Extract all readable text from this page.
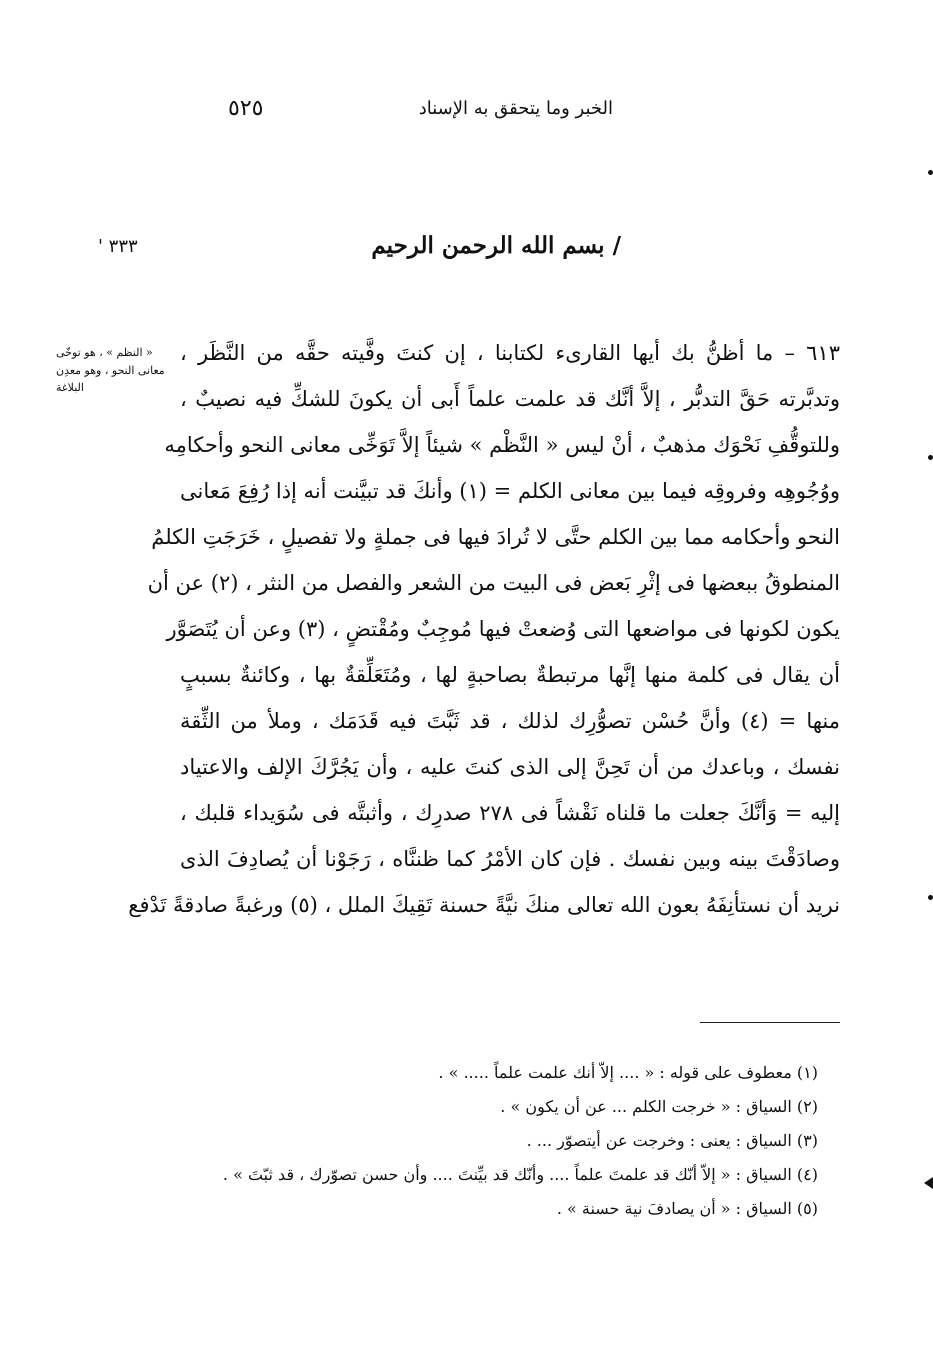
الخبر وما يتحقق به الإسناد
٥٢٥
/ بسم الله الرحمن الرحيم
٣٣٣ '
« النظم » ، هو توخّى معانى النحو ، وهو معدِن البلاغة
٦١٣ – ما أظنُّ بك أيها القارىء لكتابنا ، إن كنتَ وفَّيته حقَّه من النَّظَر ،
وتدبَّرته حَقَّ التدبُّر ، إلاَّ أنَّك قد علمت علماً أَبى أن يكونَ للشكِّ فيه نصيبٌ ،
وللتوقُّفِ نَحْوَك مذهبٌ ، أنْ ليس « النَّظْم » شيئاً إلاَّ تَوَخِّى معانى النحو وأحكامِه
ووُجُوهِه وفروقِه فيما بين معانى الكلم = (١) وأنكَ قد تبيَّنت أنه إذا رُفِعَ مَعانى
النحو وأحكامه مما بين الكلم حتَّى لا تُرادَ فيها فى جملةٍ ولا تفصيلٍ ، خَرَجَتِ الكلمُ
المنطوقُ ببعضها فى إثْرِ بَعض فى البيت من الشعر والفصل من النثر ، (٢) عن أن
يكون لكونها فى مواضعها التى وُضعتْ فيها مُوجِبٌ ومُقْتضٍ ، (٣) وعن أن يُتَصَوَّر
أن يقال فى كلمة منها إنَّها مرتبطةٌ بصاحبةٍ لها ، ومُتَعَلِّقةٌ بها ، وكائنةٌ بسببٍ
منها = (٤) وأنَّ حُسْن تصوُّرِك لذلك ، قد ثَبَّتَ فيه قَدَمَك ، وملأ من الثِّقة
نفسك ، وباعدك من أن تَحِنَّ إلى الذى كنتَ عليه ، وأن يَجُرَّكَ الإلف والاعتياد
إليه = وَأنَّكَ جعلت ما قلناه نَقْشاً فى ٢٧٨ صدرِك ، وأثبتَّه فى سُوَيداء قلبك ،
وصادَقْتَ بينه وبين نفسك . فإن كان الأمْرُ كما ظننَّاه ، رَجَوْنا أن يُصادِفَ الذى
نريد أن نستأنِفَهُ بعون الله تعالى منكَ نيَّةً حسنة تَقِيكَ الملل ، (٥) ورغبةً صادقةً تَدْفع
(١) معطوف على قوله : « .... إلاّ أنك علمت علماً ..... » .
(٢) السياق : « خرجت الكلم ... عن أن يكون » .
(٣) السياق : يعنى : وخرجت عن أيتصوّر ... .
(٤) السياق : « إلاّ أنّك قد علمتَ علماً .... وأنّك قد بيِّنتَ .... وأن حسن تصوّرك ، قد ثبّتَ » .
(٥) السياق : « أن يصادفَ نية حسنة » .
